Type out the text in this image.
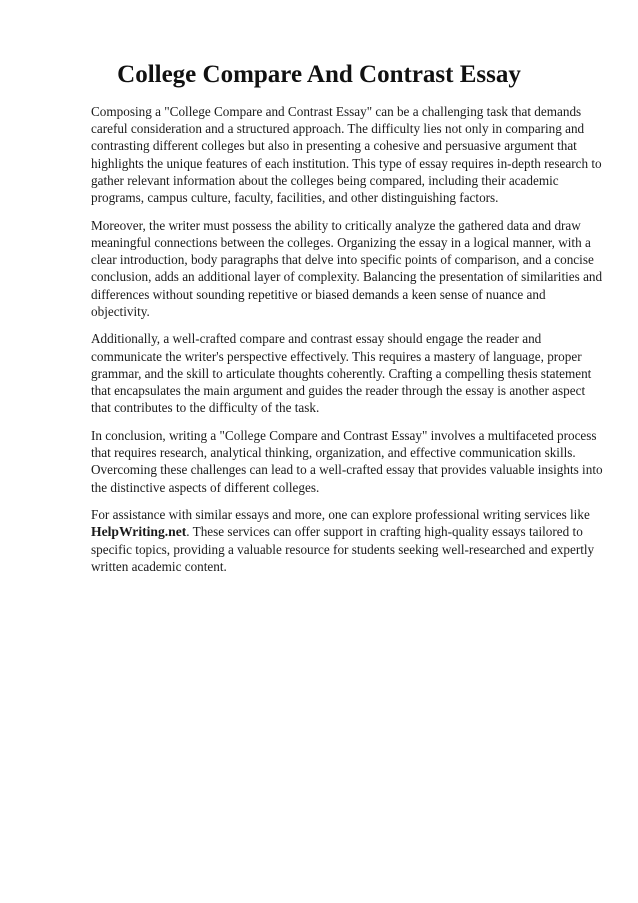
College Compare And Contrast Essay

Composing a "College Compare and Contrast Essay" can be a challenging task that demands
careful consideration and a structured approach. The difficulty lies not only in comparing and
contrasting different colleges but also in presenting a cohesive and persuasive argument that
highlights the unique features of each institution. This type of essay requires in-depth research to
gather relevant information about the colleges being compared, including their academic
programs, campus culture, faculty, facilities, and other distinguishing factors.

Moreover, the writer must possess the ability to critically analyze the gathered data and draw
meaningful connections between the colleges. Organizing the essay in a logical manner, with a
clear introduction, body paragraphs that delve into specific points of comparison, and a concise
conclusion, adds an additional layer of complexity. Balancing the presentation of similarities and
differences without sounding repetitive or biased demands a keen sense of nuance and
objectivity.

Additionally, a well-crafted compare and contrast essay should engage the reader and
communicate the writer's perspective effectively. This requires a mastery of language, proper
grammar, and the skill to articulate thoughts coherently. Crafting a compelling thesis statement
that encapsulates the main argument and guides the reader through the essay is another aspect
that contributes to the difficulty of the task.

In conclusion, writing a "College Compare and Contrast Essay" involves a multifaceted process
that requires research, analytical thinking, organization, and effective communication skills.
Overcoming these challenges can lead to a well-crafted essay that provides valuable insights into
the distinctive aspects of different colleges.

For assistance with similar essays and more, one can explore professional writing services like
HelpWriting.net. These services can offer support in crafting high-quality essays tailored to
specific topics, providing a valuable resource for students seeking well-researched and expertly
written academic content.
